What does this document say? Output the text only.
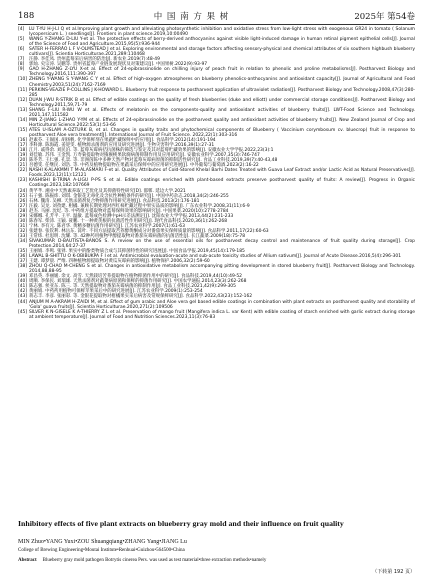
188	中 国 南 方 果 树	2025年 第54卷
[4]	LU T-YU H-J-LI Q et al.Improving plant growth and alleviating photosynthetic inhibition and oxidative stress from low-light stress with exogenous GR24 in tomato ( Solanum lycopersicum L. ) seedlings[J]. Frontiers in plant science.2019,10:00490
[5]	WANG Y-ZHANG D-LIU Y-et al. The protective effects of berry-derived anthocyanins against visible light-induced damage in human retinal pigment epithelial cells[J]. Journal of the Science of Food and Agriculture.2015,95(5):936-944
[6]	SATER H-FERRÃO L F V-OLMSTEAD J et al. Exploring environmental and storage factors affecting sensory-physical and chemical attributes of six southern highbush blueberry cultivars[J]. Scientia Horticulturae.2021,289:110468
[7]	汪静. 李佳凤. 贵州蓝莓采后病害的防治[J]. 新农业.2019(7):48-49
[8]	郭灿. 史宗涛. 吴鹏等. 贵州省蓝莓产业链发展现状及对策建议[J]. 中国果树.2022(9):93-97
[9]	GAO H-ZHANG Z-LYU X-et al. Effect of 24-epibrassinolide on chilling injury of peach fruit in relation to phenolic and proline metabolisms[J]. Postharvest Biology and Technology.2016,111:390-397
[10] ZHENG Y-WANG S Y-WANG C Y et al. Effect of high-oxygen atmospheres on blueberry phenolics-anthocyanins and antioxidant capacity[J]. Journal of Agricultural and Food Chemistry.2003,51(24):7162-7169
[11] PERKINS-VEAZIE P-COLLINS J K-HOWARD L. Blueberry fruit response to postharvest application of ultraviolet radiation[J]. Postharvest Biology and Technology.2008,47(3):280-285
[12] DUAN J-WU R-STRIK B et al. Effect of edible coatings on the quality of fresh blueberries (duke and elliott) under commercial storage conditions[J]. Postharvest Biology and Technology.2011,59,71-79
[13] SHANG F-LIU R-WU W et al. Effects of melatonin on the components-quality and antioxidant activities of blueberry fruits[J]. LWT-Food Science and Technology. 2021,147,111582
[14] MIN Z-JIANG L-ZHAO Y-YM et al. Effects of 24-epibrassinolide on the postharvest quality and antioxidant activities of blueberry fruits[J]. New Zealand Journal of Crop and Horticultural Science.2022:53(1):53-66
[15] ATES U-ISLAM A-OZTURK B, et al. Changes in quality traits and phytochemical components of Blueberry ( Vaccinium corymbosum cv. bluecrop) fruit in response to postharvest Aloe vera treatment[J]. International Journal of Fruit Science. 2022,22(1):303-316
[16] 赵素芬. 王锡国. 胡扬帆. 化学保鲜剂在果蔬贮藏保鲜中的应用[J]. 食品科学.2012(14):191-194
[17] 李科源. 陈海霞. 姜迎雯. 植物源杀菌剂的应用及研究进展[J]. 生物灾害科学.2016,39(1):27-31
[18] 江月. 戚得余. 刘民泊. 等. 蓝莓灰霉病拮抗菌株的筛选与鉴定及其对蓝莓贮藏效果的影响[J]. 安徽农业大学学报.2022,23(3):1
[19] 刘佳敏. 苏伟. 王金凯. 万寿菊提取物对猕猴桃果软腐病菌抑制作用及应用研究[J]. 安徽农业科学.2007,35(3):746-747
[20] 陈冬芳. 王仁强. 孔景. 等. 非洲茵陈中多种天然产物对蓝莓灰霉病原菌的抑制活性研究[J]. 食品工业科技.2019,39(7):40-43,48
[21] 吾德雯. 任继民. 刘浩. 等. 中药及植物提取物在果蔬采后保鲜中的应用研究进展[J]. 中外葡萄与葡萄酒.2023(2):16-22
[22] NASHI K-ALAKMMI T M-ALASMARI F-et al. Quality Attributes of Cold-Stored Khelal Barhi Dates Treated with Guava Leaf Extract and/or Lactic Acid as Natural Preservatives[J]. Foods.2023,12(11):12121
[23] KASHISHI B-TRINA A-LIGU P-PS S et al. Edible coatings enriched with plant-based extracts preserve postharvest quality of fruits: A review[J]. Progress in Organic Coatings.2023,182:107669
[24] 黄芊芊. 湘业中天然素养取工艺优化及其抑菌特性研究[D]. 邯郸. 延边大学.2021
[25] 石子强. 陈振炜. 刘琪. 金银花无毒化及含抗性种植条件的研究[J]. 中国中药杂志.2018,34(2):246-255
[26] 石林. 魏清. 吴柳. 天然杀菌剂复合物抑菌作用研究进展[J]. 食品科技.2013(2):176-181
[27] 汪毅. 吴龙. 刘孜建. 柑橘. 兼顾长期处理对西红柿贮藏过程中果实品质的影响[J]. 广东农业科学.2008,31(11):6-9
[28] 赵杰. 马丽. 沈纪. 等. 中药组方提取物对蓝莓保鲜效果的影响研究[J]. 中国果菜.2020(10):2778-2784
[29] 宋娜娜. 孔芳平. 王平. 温敏. 蓝莓成色检测中pH示差法测定[J]. 沈阳农业大学学报.2013,44(2):231-233
[30] 陈春军. 柴沛. 王颖. 聂鹏. 十一种黄芪根的抗菌活性作用研究[J]. 现代食品科技.2020,36(1):262-268
[31] 宁林. 李有元. 陈君华. 黄精多糖抗菌作用研究[J]. 江苏农业科学.2007(1):61-63
[32] 张建春. 张钦利. 林岳东. 蒿叶. 不同方法提取苦荞醇黄酮成分对番茄果实保鲜质量的影响[J]. 食品科学.2011,17(22):60-63
[33] 王常炜. 杜思明. 沈耀. 等. 42种药用植物甲醇提取物对番茄灰霉病菌的抗菌活性[J]. 长江蔬菜.2009(18):75-78
[34] SIVAKUMAR D-BAUTISTA-BANOS S. A review on the use of essential oils for postharvest decay control and maintenance of fruit quality during storage[J]. Crop Protection.2014,64:27-37
[35] 王丽娟. 李鸣. 张铎. 果实中的酚类物质合成与其抑菌特性的研究进展[J]. 中国食品学报.2019,45(14):179-185
[36] LAWAL B-SHITTU O K-OBIBUKPA F I et al. Antimicrobial evaluation-acute and sub-acute toxicity studies of Allium sativum[J]. Journal of Acute Disease.2016,5(4):296-301
[37] 王建. 谭梦晨. 严维. 四种植物源提取物对黄瓜灰霉病的影响[J]. 植物保护.2006,32(2):59-60
[38] ZHOU Q-CHAO M-CHENG S et al. Changes in antioxidative metabolism accompanying pitting development in stored blueberry fruit[J]. Postharvest Biology and Technology. 2014,88,88-95
[39] 邓昌英. 李丽媛. 余文. 高雪. 天然栽培苦荞提取物在植物抑菌作用中的研究[J]. 食品科技.2019,44(10):49-52
[40] 周顺. 李保民. 刘瑞雄. 天然杀菌剂对蔬菜病原菌和保鲜的抑菌作用研究[J]. 中国农学通报.2014,23(3):262-268
[41] 陈志强. 侯亚东. 陈三. 等. 天然提取物对番茄灰霉病菌的抑制作用[J]. 食品工业科技.2021,42(9):299-305
[42] 黄丽娟. 中药药用植物可保鲜苹果采后中的研究进展[J]. 江苏农业科学.2009(1):253-254
[43] 蒋志丰. 李彦. 张丽彩. 等. 金银花提取物对柑橘果实采后病害及常规保鲜研究[J]. 食品科学.2022,43(23):152-162
[44] ANJUM M A-AKRAM H-ZAIDI M, et al. Effect of gum arabic and Aloe vera gel based edible coatings in combination with plant extracts on postharvest quality and storability of 'Gola' guava fruits[J]. Scientia Horticulturae.2020,271(2):109506
[45] SILVER K N-GISELE K A-THIERRY Z L et al. Preservation of mango fruit (Mangifera indica L. var Kent) with edible coating of starch enriched with garlic extract during storage at ambient temperature[J]. Journal of Food and Nutrition Sciences.2023,11(3):76-83
Inhibitory effects of five plant extracts on blueberry gray mold and their influence on fruit quality
MIN Zhuo•YANG Yuxi•ZOU Shuangqiang•ZHANG Yang•JIANG Lu
College of Brewing Engineering•Moutai Institute•Renhuai•Guizhou•564500•China
Abstract Blueberry gray mold pathogen Botrytis cinerea Pers. was used as test material•three extraction methods•namely
（下转第 192 页）
